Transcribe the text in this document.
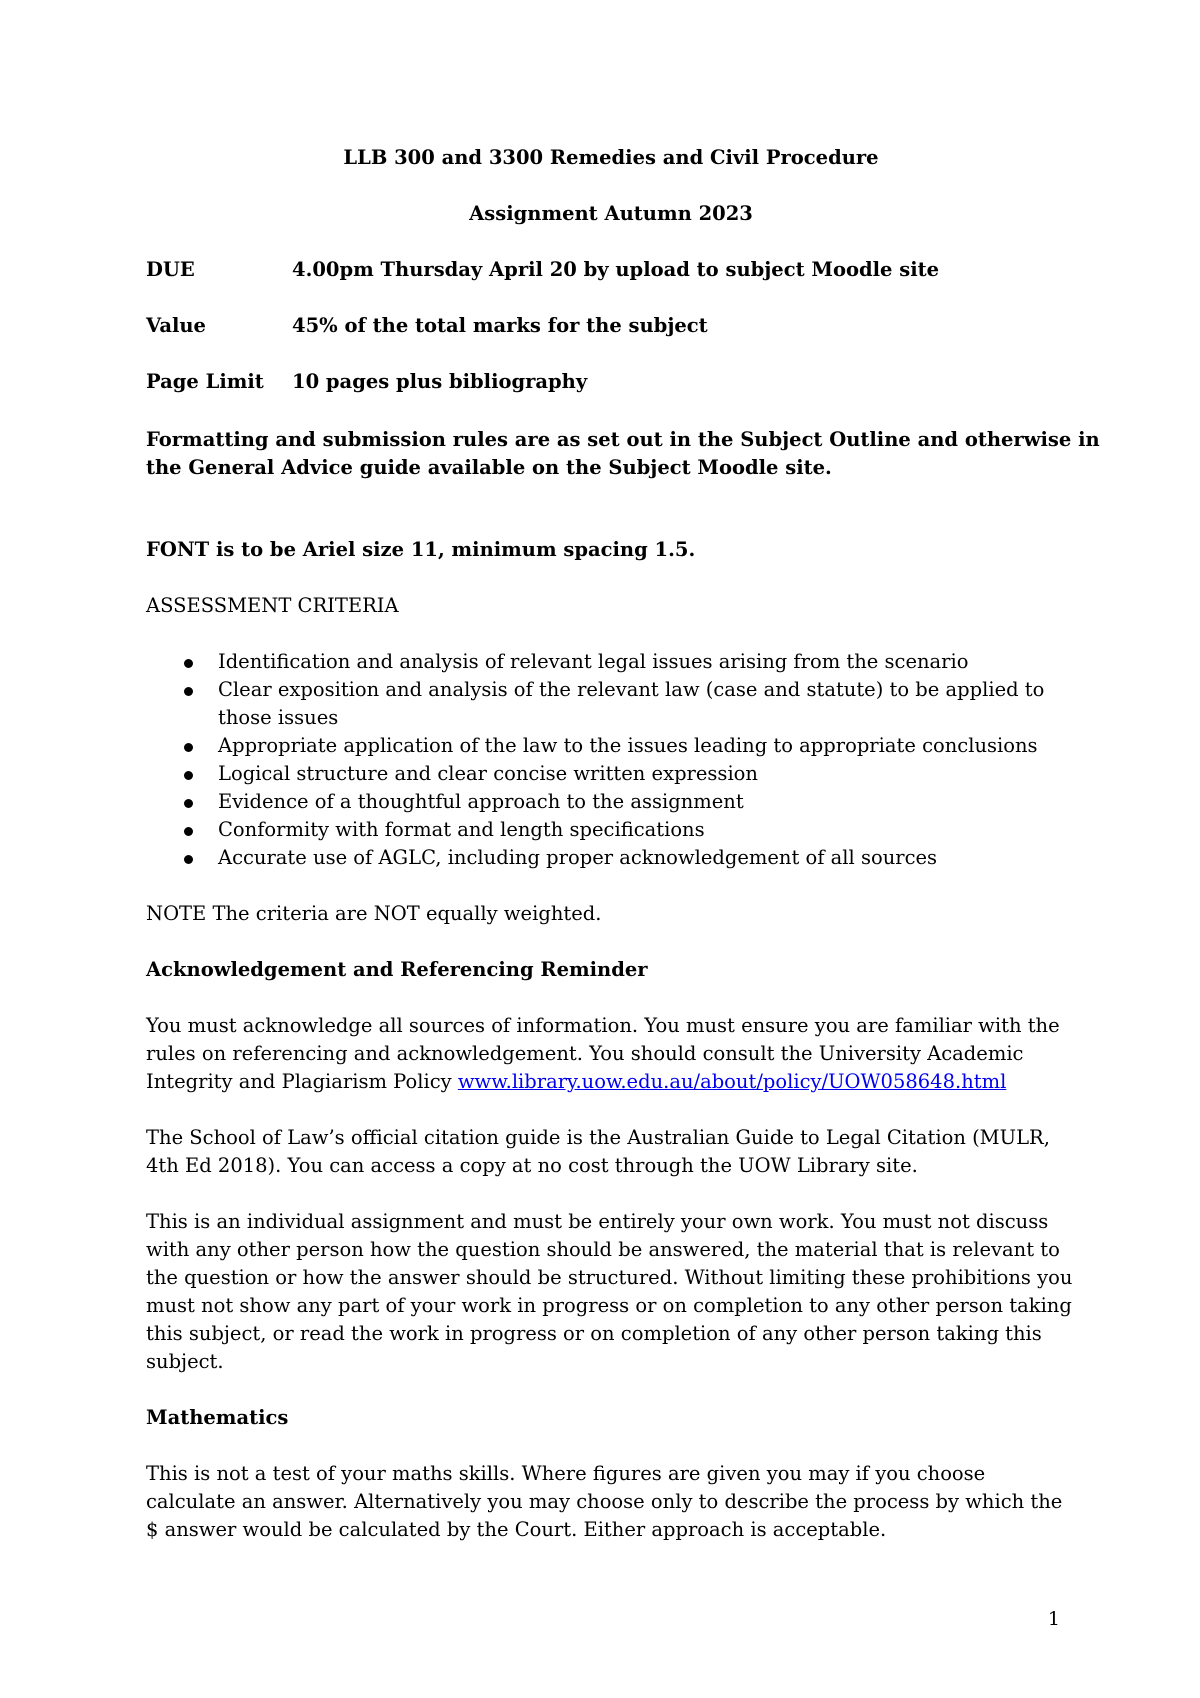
LLB 300 and 3300 Remedies and Civil Procedure
Assignment Autumn 2023
DUE	4.00pm Thursday April 20 by upload to subject Moodle site
Value	45% of the total marks for the subject
Page Limit 10 pages plus bibliography
Formatting and submission rules are as set out in the Subject Outline and otherwise in
the General Advice guide available on the Subject Moodle site.
FONT is to be Ariel size 11, minimum spacing 1.5.
ASSESSMENT CRITERIA
Identification and analysis of relevant legal issues arising from the scenario
Clear exposition and analysis of the relevant law (case and statute) to be applied to
those issues
Appropriate application of the law to the issues leading to appropriate conclusions
Logical structure and clear concise written expression
Evidence of a thoughtful approach to the assignment
Conformity with format and length specifications
Accurate use of AGLC, including proper acknowledgement of all sources
NOTE The criteria are NOT equally weighted.
Acknowledgement and Referencing Reminder
You must acknowledge all sources of information. You must ensure you are familiar with the
rules on referencing and acknowledgement. You should consult the University Academic
Integrity and Plagiarism Policy www.library.uow.edu.au/about/policy/UOW058648.html
The School of Law’s official citation guide is the Australian Guide to Legal Citation (MULR,
4th Ed 2018). You can access a copy at no cost through the UOW Library site.
This is an individual assignment and must be entirely your own work. You must not discuss
with any other person how the question should be answered, the material that is relevant to
the question or how the answer should be structured. Without limiting these prohibitions you
must not show any part of your work in progress or on completion to any other person taking
this subject, or read the work in progress or on completion of any other person taking this
subject.
Mathematics
This is not a test of your maths skills. Where figures are given you may if you choose
calculate an answer. Alternatively you may choose only to describe the process by which the
$ answer would be calculated by the Court. Either approach is acceptable.
1
